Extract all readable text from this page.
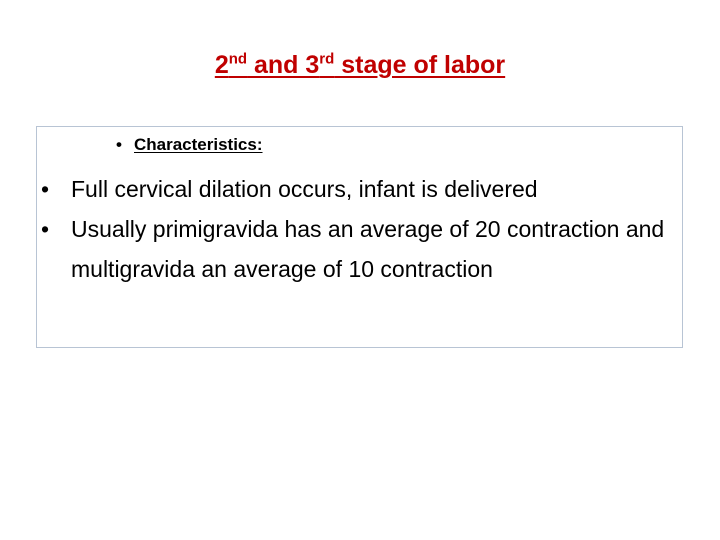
2nd and 3rd stage of labor
• Characteristics:
• Full cervical dilation occurs, infant is delivered
• Usually primigravida has an average of 20 contraction and multigravida an average of 10 contraction
